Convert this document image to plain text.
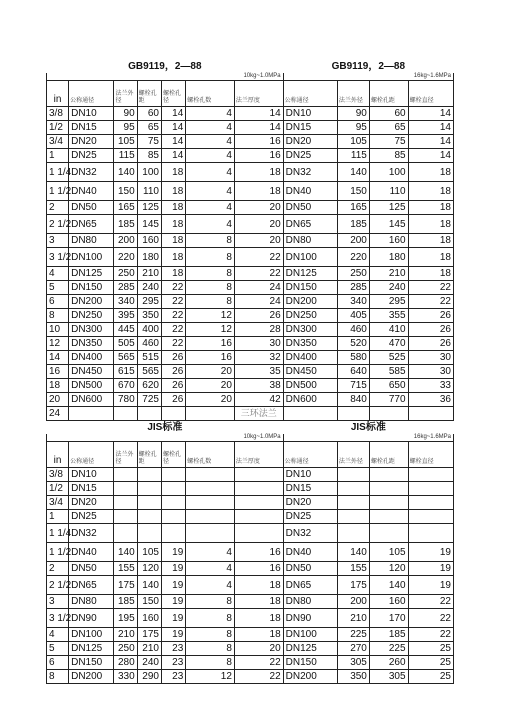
GB9119，2—88							GB9119，2—88			
10kg~1.0MPa							16kg~1.6MPa			
in	公称通径	法兰外径	螺栓孔距	螺栓孔径	螺栓孔数	法兰厚度	公称通径	法兰外径	螺栓孔距	螺栓直径
3/8	DN10	90	60	14	4	14	DN10	90	60	14
1/2	DN15	95	65	14	4	14	DN15	95	65	14
3/4	DN20	105	75	14	4	16	DN20	105	75	14
1	DN25	115	85	14	4	16	DN25	115	85	14
1 1/4	DN32	140	100	18	4	18	DN32	140	100	18
1 1/2	DN40	150	110	18	4	18	DN40	150	110	18
2	DN50	165	125	18	4	20	DN50	165	125	18
2 1/2	DN65	185	145	18	4	20	DN65	185	145	18
3	DN80	200	160	18	8	20	DN80	200	160	18
3 1/2	DN100	220	180	18	8	22	DN100	220	180	18
4	DN125	250	210	18	8	22	DN125	250	210	18
5	DN150	285	240	22	8	24	DN150	285	240	22
6	DN200	340	295	22	8	24	DN200	340	295	22
8	DN250	395	350	22	12	26	DN250	405	355	26
10	DN300	445	400	22	12	28	DN300	460	410	26
12	DN350	505	460	22	16	30	DN350	520	470	26
14	DN400	565	515	26	16	32	DN400	580	525	30
16	DN450	615	565	26	20	35	DN450	640	585	30
18	DN500	670	620	26	20	38	DN500	715	650	33
20	DN600	780	725	26	20	42	DN600	840	770	36
24						三环法兰				
JIS标准							JIS标准			
10kg~1.0MPa							16kg~1.6MPa			
in	公称通径	法兰外径	螺栓孔距	螺栓孔径	螺栓孔数	法兰厚度	公称通径	法兰外径	螺栓孔距	螺栓直径
3/8	DN10						DN10			
1/2	DN15						DN15			
3/4	DN20						DN20			
1	DN25						DN25			
1 1/4	DN32						DN32			
1 1/2	DN40	140	105	19	4	16	DN40	140	105	19
2	DN50	155	120	19	4	16	DN50	155	120	19
2 1/2	DN65	175	140	19	4	18	DN65	175	140	19
3	DN80	185	150	19	8	18	DN80	200	160	22
3 1/2	DN90	195	160	19	8	18	DN90	210	170	22
4	DN100	210	175	19	8	18	DN100	225	185	22
5	DN125	250	210	23	8	20	DN125	270	225	25
6	DN150	280	240	23	8	22	DN150	305	260	25
8	DN200	330	290	23	12	22	DN200	350	305	25
